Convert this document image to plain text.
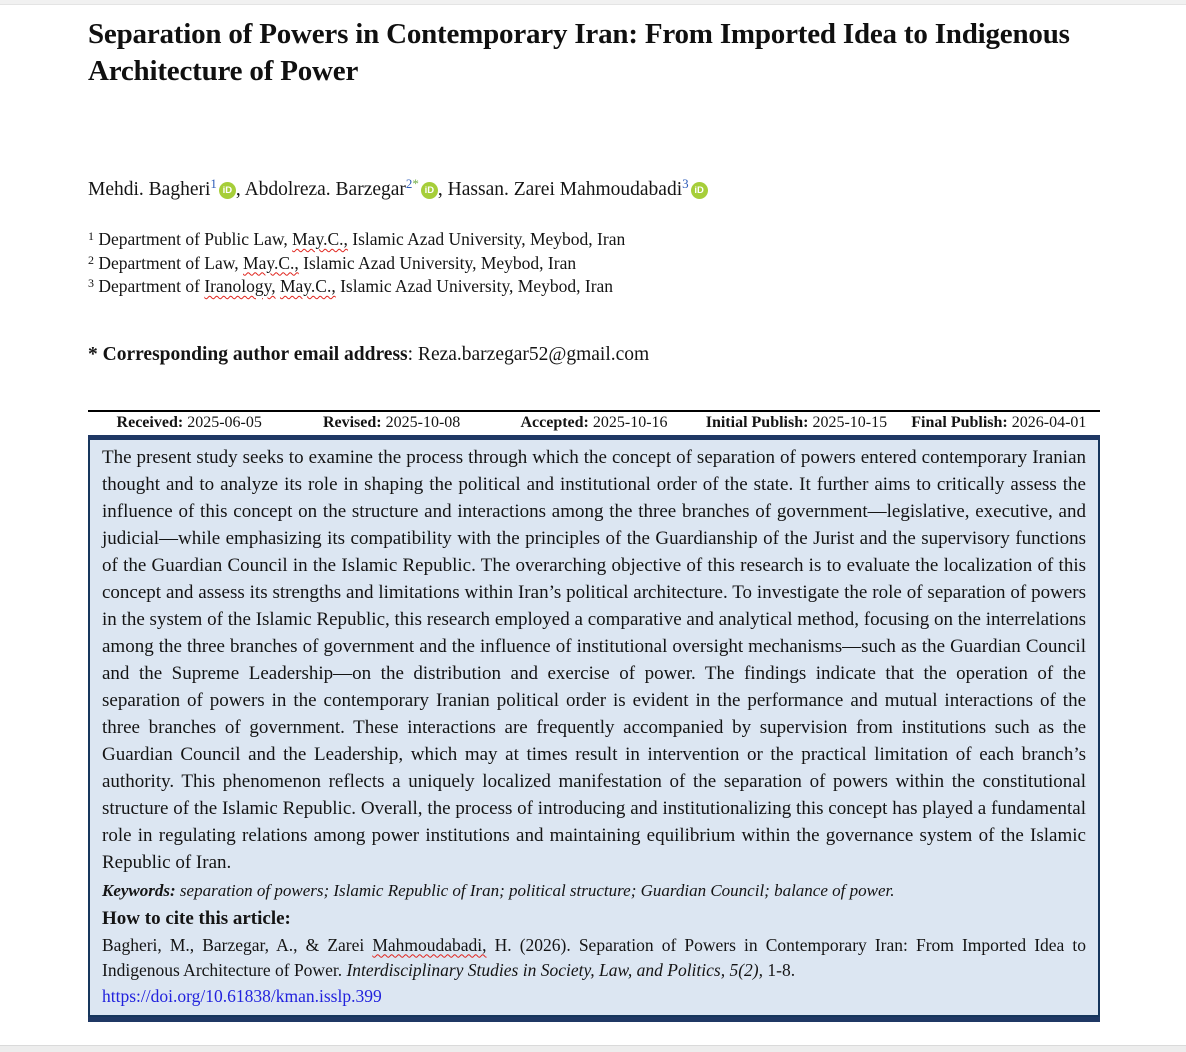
Separation of Powers in Contemporary Iran: From Imported Idea to Indigenous Architecture of Power
Mehdi. Bagheri$^1$ iD , Abdolreza. Barzegar$^{2*}$ iD , Hassan. Zarei Mahmoudabadi$^3$ iD

$^1$ Department of Public Law, May.C., Islamic Azad University, Meybod, Iran

$^2$ Department of Law, May.C., Islamic Azad University, Meybod, Iran

$^3$ Department of Iranology, May.C., Islamic Azad University, Meybod, Iran

* Corresponding author email address: Reza.barzegar52@gmail.com
Received: 2025-06-05	Revised: 2025-10-08	Accepted: 2025-10-16	Initial Publish: 2025-10-15	Final Publish: 2026-04-01

The present study seeks to examine the process through which the concept of separation of powers entered contemporary Iranian thought and to analyze its role in shaping the political and institutional order of the state. It further aims to critically assess the influence of this concept on the structure and interactions among the three branches of government—legislative, executive, and judicial—while emphasizing its compatibility with the principles of the Guardianship of the Jurist and the supervisory functions of the Guardian Council in the Islamic Republic. The overarching objective of this research is to evaluate the localization of this concept and assess its strengths and limitations within Iran’s political architecture. To investigate the role of separation of powers in the system of the Islamic Republic, this research employed a comparative and analytical method, focusing on the interrelations among the three branches of government and the influence of institutional oversight mechanisms—such as the Guardian Council and the Supreme Leadership—on the distribution and exercise of power. The findings indicate that the operation of the separation of powers in the contemporary Iranian political order is evident in the performance and mutual interactions of the three branches of government. These interactions are frequently accompanied by supervision from institutions such as the Guardian Council and the Leadership, which may at times result in intervention or the practical limitation of each branch’s authority. This phenomenon reflects a uniquely localized manifestation of the separation of powers within the constitutional structure of the Islamic Republic. Overall, the process of introducing and institutionalizing this concept has played a fundamental role in regulating relations among power institutions and maintaining equilibrium within the governance system of the Islamic Republic of Iran.

Keywords: separation of powers; Islamic Republic of Iran; political structure; Guardian Council; balance of power.
How to cite this article:

Bagheri, M., Barzegar, A., & Zarei Mahmoudabadi, H. (2026). Separation of Powers in Contemporary Iran: From Imported Idea to Indigenous Architecture of Power. Interdisciplinary Studies in Society, Law, and Politics, 5(2), 1-8.

https://doi.org/10.61838/kman.isslp.399
